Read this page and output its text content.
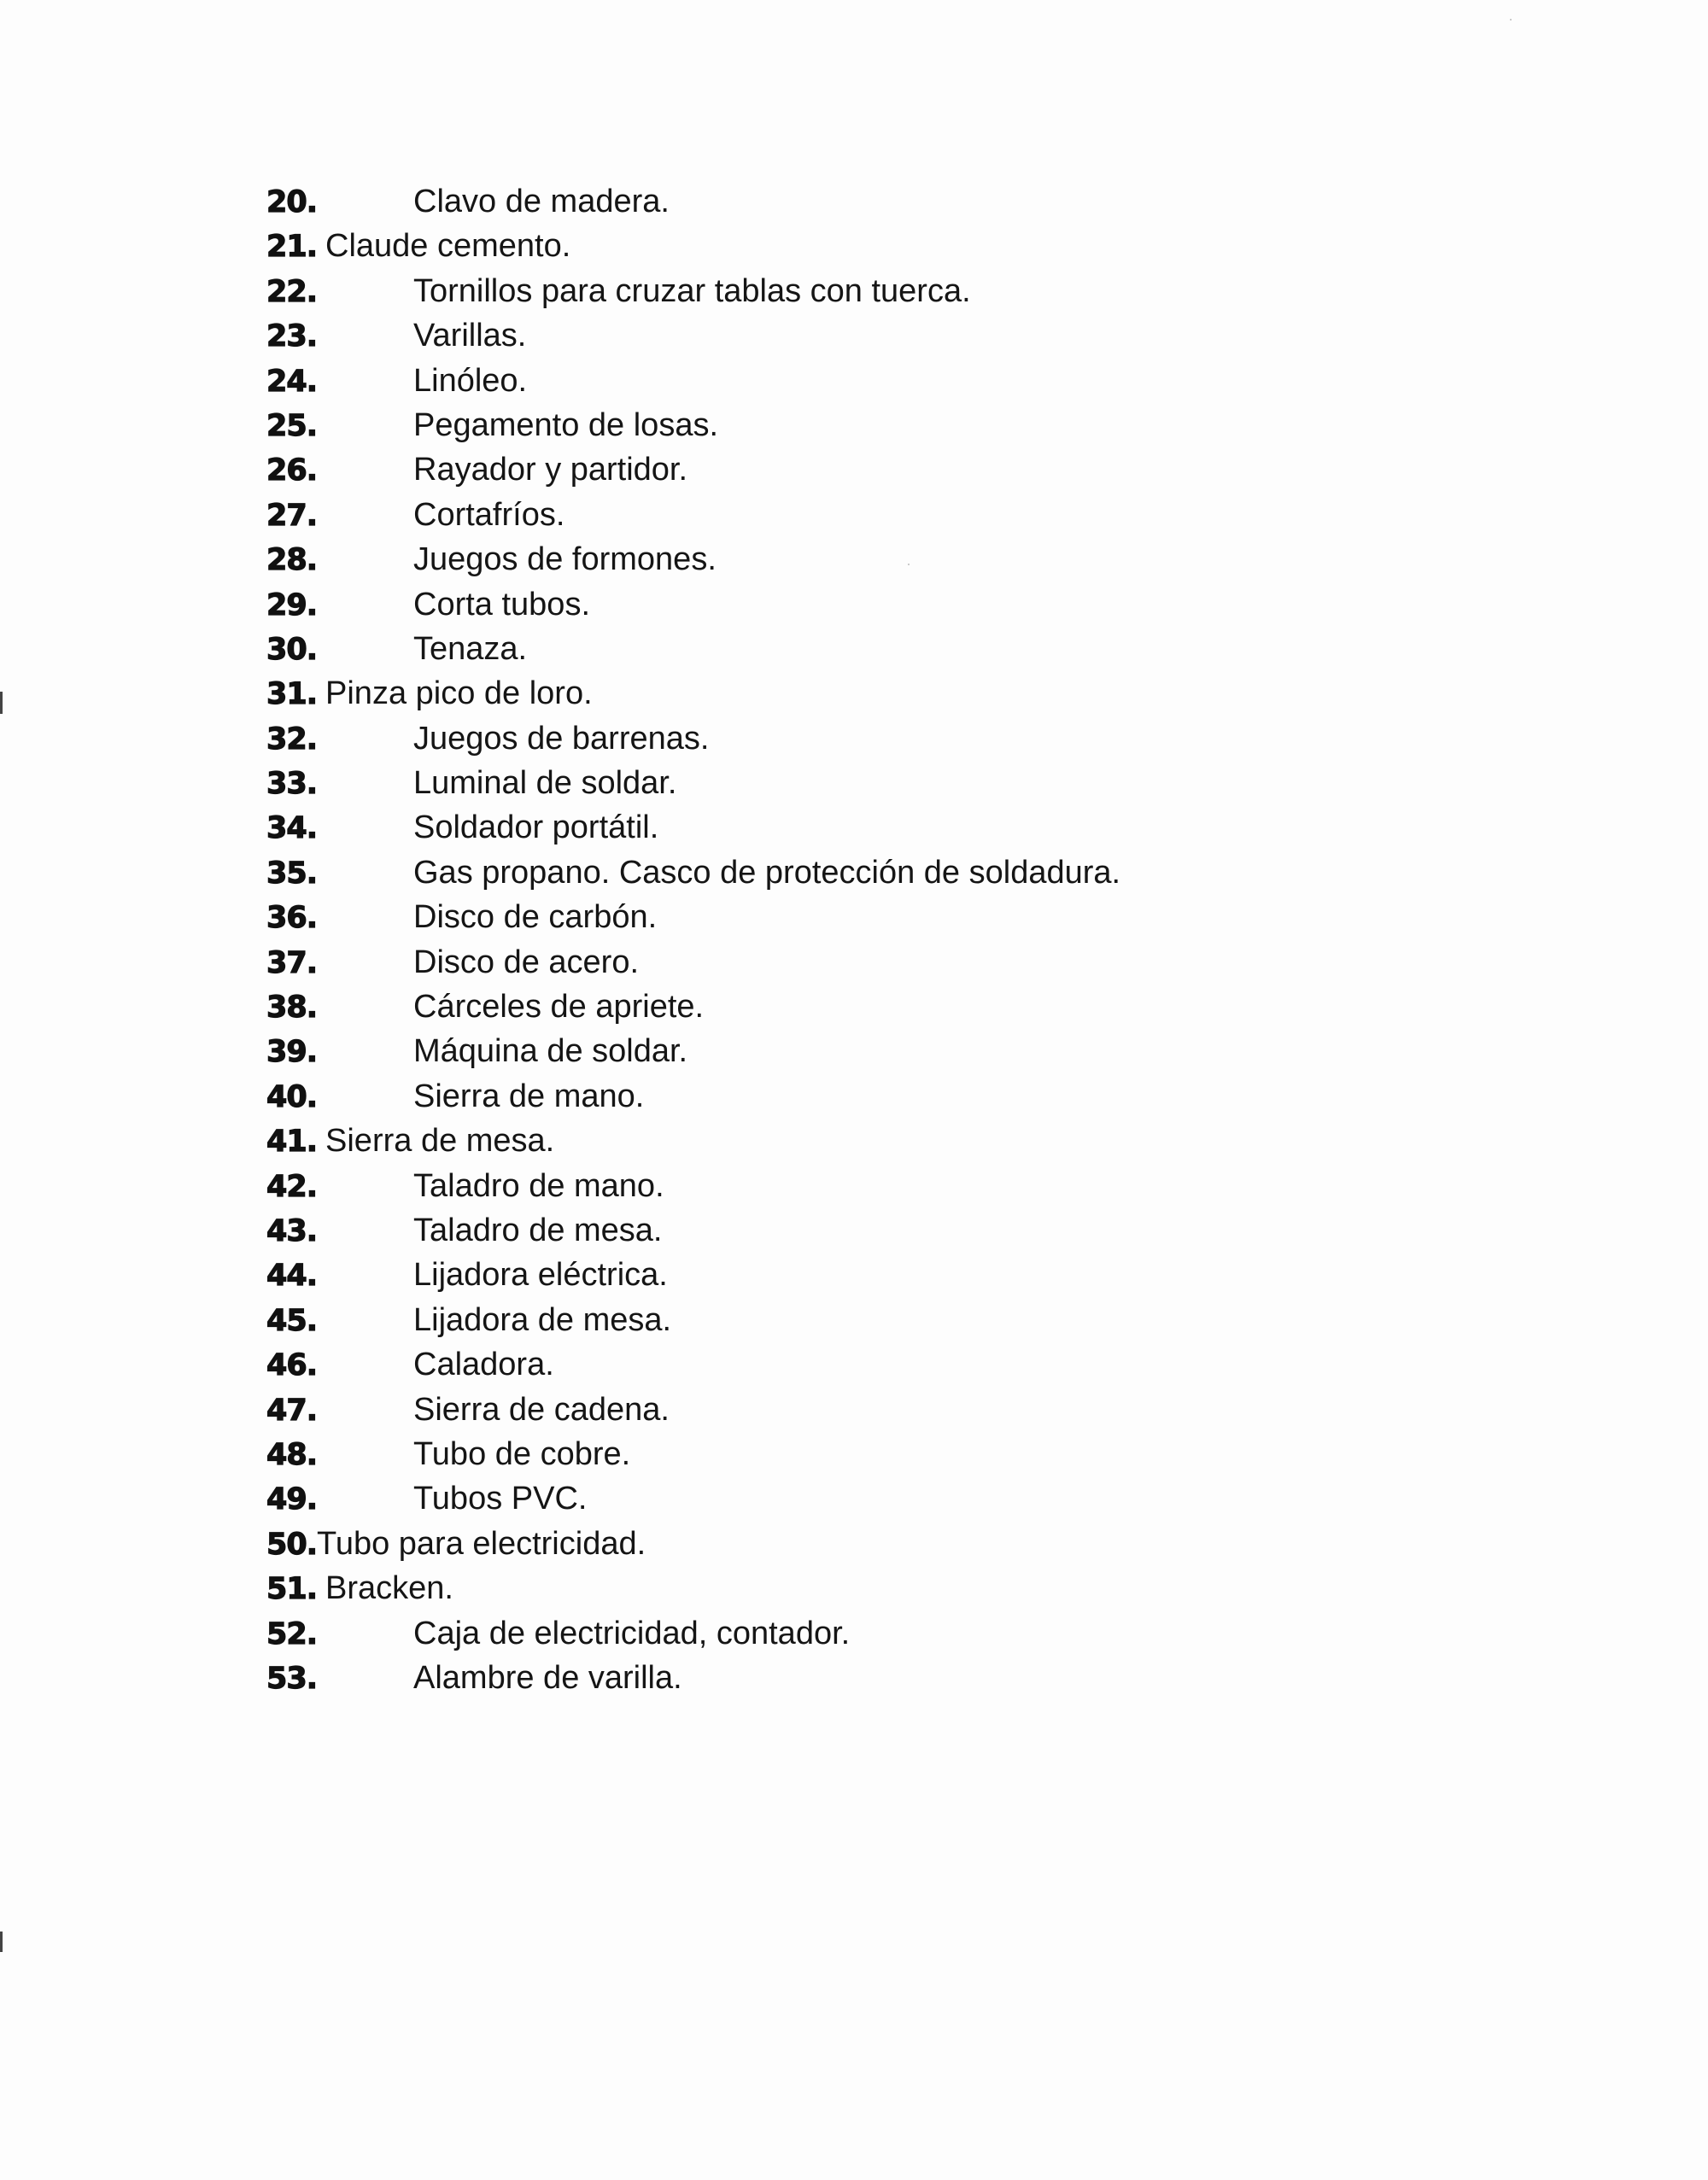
20.	Clavo de madera.
21. Claude cemento.
22.	Tornillos para cruzar tablas con tuerca.
23.	Varillas.
24.	Linóleo.
25.	Pegamento de losas.
26.	Rayador y partidor.
27.	Cortafríos.
28.	Juegos de formones.
29.	Corta tubos.
30.	Tenaza.
31. Pinza pico de loro.
32.	Juegos de barrenas.
33.	Luminal de soldar.
34.	Soldador portátil.
35.	Gas propano. Casco de protección de soldadura.
36.	Disco de carbón.
37.	Disco de acero.
38.	Cárceles de apriete.
39.	Máquina de soldar.
40.	Sierra de mano.
41. Sierra de mesa.
42.	Taladro de mano.
43.	Taladro de mesa.
44.	Lijadora eléctrica.
45.	Lijadora de mesa.
46.	Caladora.
47.	Sierra de cadena.
48.	Tubo de cobre.
49.	Tubos PVC.
50.Tubo para electricidad.
51. Bracken.
52.	Caja de electricidad, contador.
53.	Alambre de varilla.
